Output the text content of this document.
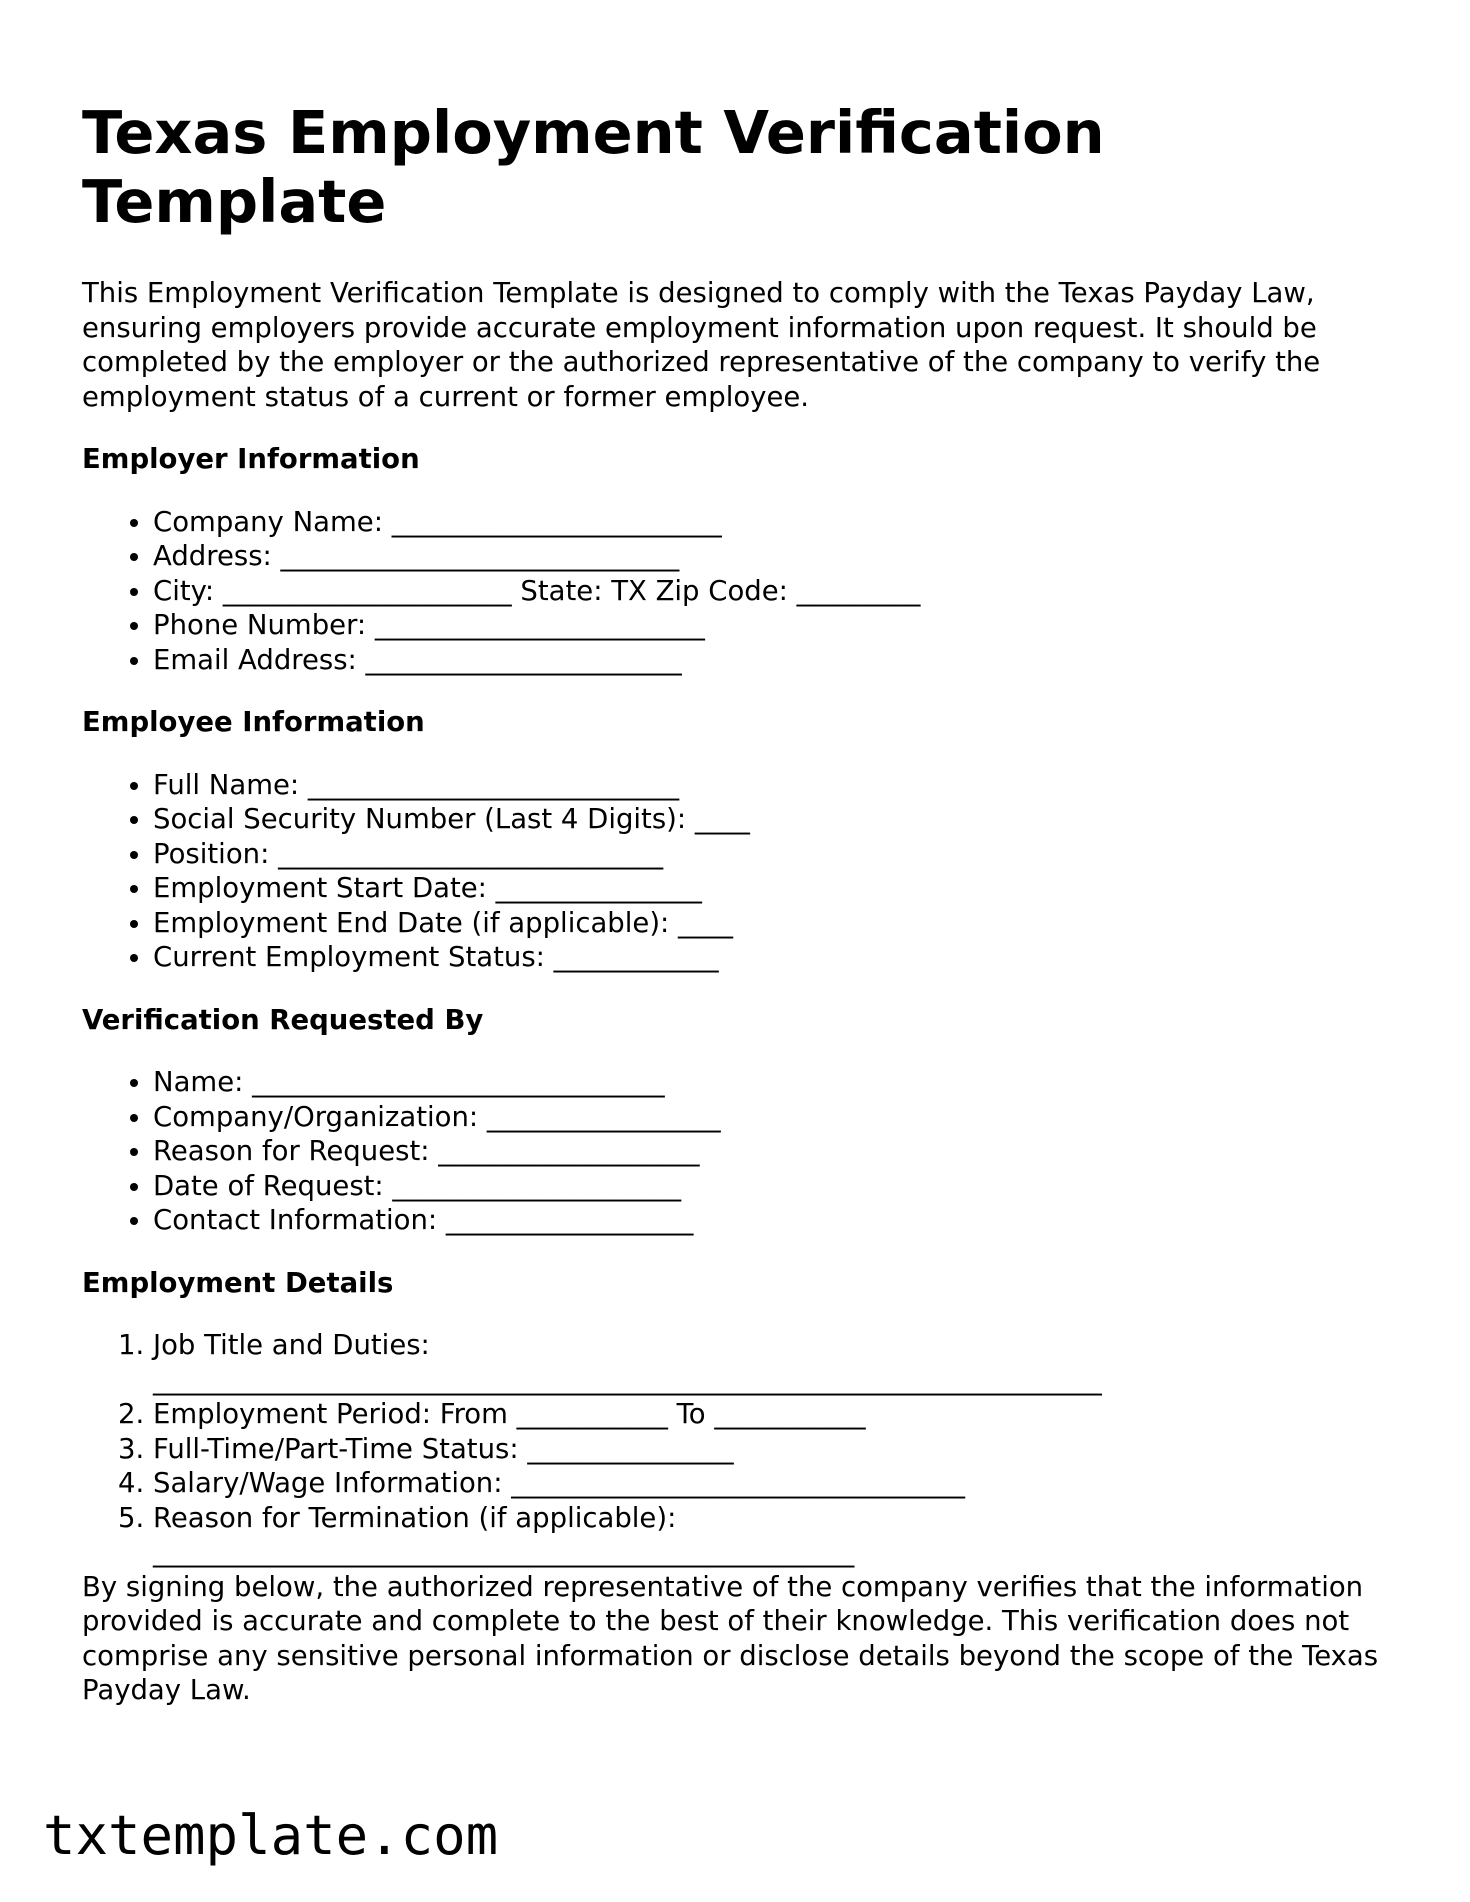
Texas Employment Verification Template

This Employment Verification Template is designed to comply with the Texas Payday Law, ensuring employers provide accurate employment information upon request. It should be completed by the employer or the authorized representative of the company to verify the employment status of a current or former employee.

Employer Information
• Company Name: ________________________
• Address: _____________________________
• City: _____________________ State: TX Zip Code: _________
• Phone Number: ________________________
• Email Address: _______________________
Employee Information
• Full Name: ___________________________
• Social Security Number (Last 4 Digits): ____
• Position: ____________________________
• Employment Start Date: _______________
• Employment End Date (if applicable): ____
• Current Employment Status: ____________
Verification Requested By
• Name: ______________________________
• Company/Organization: _________________
• Reason for Request: ___________________
• Date of Request: _____________________
• Contact Information: __________________
Employment Details
1. Job Title and Duties:
_____________________________________________________________________
2. Employment Period: From ___________ To ___________
3. Full-Time/Part-Time Status: _______________
4. Salary/Wage Information: _________________________________
5. Reason for Termination (if applicable):
___________________________________________________

By signing below, the authorized representative of the company verifies that the information provided is accurate and complete to the best of their knowledge. This verification does not comprise any sensitive personal information or disclose details beyond the scope of the Texas Payday Law.

txtemplate.com
